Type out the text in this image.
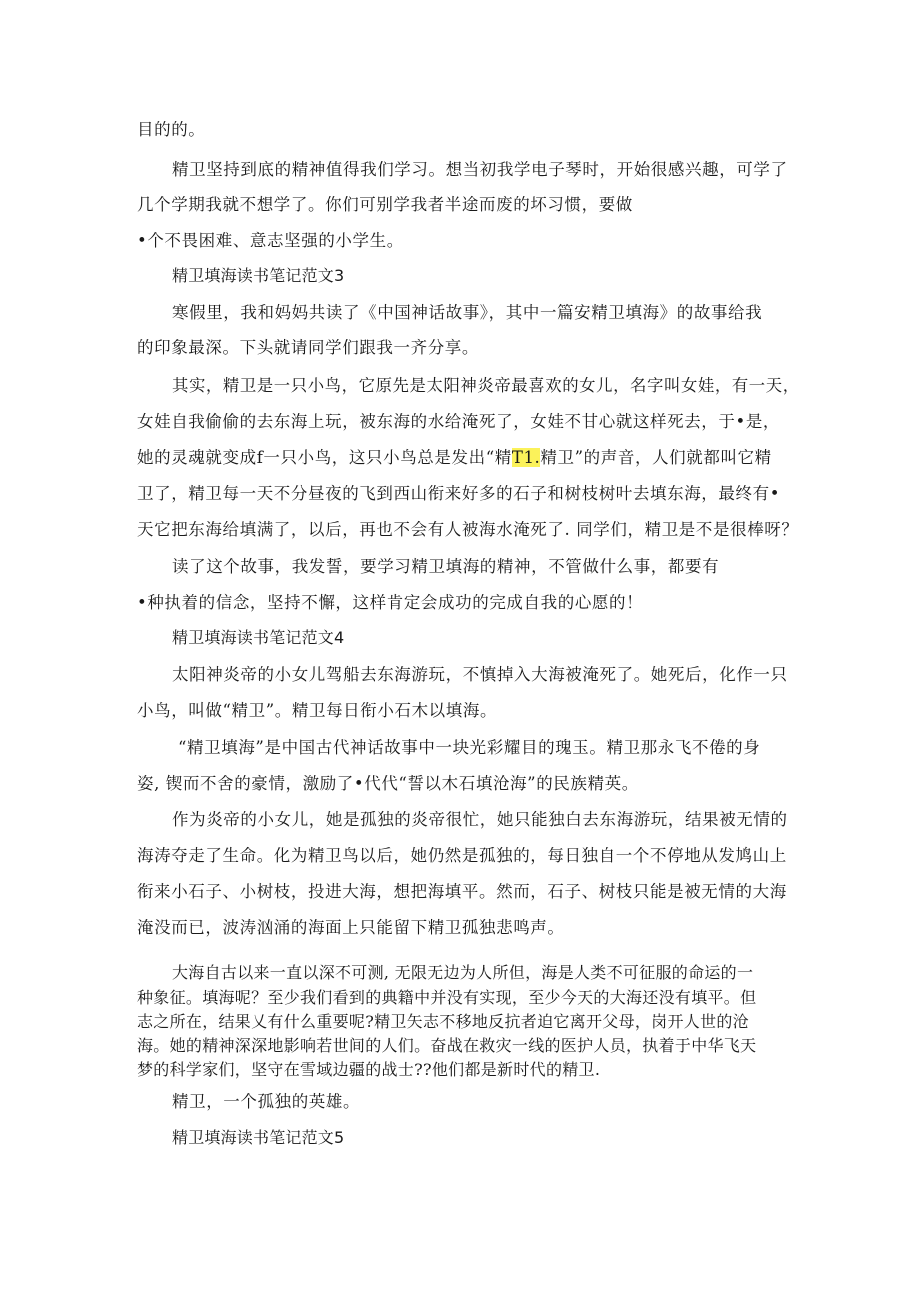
目的的。
精卫坚持到底的精神值得我们学习。想当初我学电子琴时，开始很感兴趣，可学了
几个学期我就不想学了。你们可别学我者半途而废的坏习惯，要做
•个不畏困难、意志坚强的小学生。
精卫填海读书笔记范文3
寒假里，我和妈妈共读了《中国神话故事》，其中一篇安精卫填海》的故事给我
的印象最深。下头就请同学们跟我一齐分享。
其实，精卫是一只小鸟，它原先是太阳神炎帝最喜欢的女儿，名字叫女娃，有一天，
女娃自我偷偷的去东海上玩，被东海的水给淹死了，女娃不甘心就这样死去，于•是，
她的灵魂就变成f一只小鸟，这只小鸟总是发出“精T1.精卫”的声音，人们就都叫它精
卫了，精卫每一天不分昼夜的飞到西山衔来好多的石子和树枝树叶去填东海，最终有•
天它把东海给填满了，以后，再也不会有人被海水淹死了. 同学们，精卫是不是很棒呀？
读了这个故事，我发誓，要学习精卫填海的精神，不管做什么事，都要有
•种执着的信念，坚持不懈，这样肯定会成功的完成自我的心愿的！
精卫填海读书笔记范文4
太阳神炎帝的小女儿驾船去东海游玩，不慎掉入大海被淹死了。她死后，化作一只
小鸟，叫做“精卫”。精卫每日衔小石木以填海。
“精卫填海”是中国古代神话故事中一块光彩耀目的瑰玉。精卫那永飞不倦的身
姿, 锲而不舍的豪情，激励了•代代“誓以木石填沧海”的民族精英。
作为炎帝的小女儿，她是孤独的炎帝很忙，她只能独白去东海游玩，结果被无情的
海涛夺走了生命。化为精卫鸟以后，她仍然是孤独的，每日独自一个不停地从发鸠山上
衔来小石子、小树枝，投进大海，想把海填平。然而，石子、树枝只能是被无情的大海
淹没而已，波涛汹涌的海面上只能留下精卫孤独悲鸣声。
大海自古以来一直以深不可测, 无限无边为人所但，海是人类不可征服的命运的一
种象征。填海呢？至少我们看到的典籍中并没有实现，至少今天的大海还没有填平。但
志之所在，结果乂有什么重要呢?精卫矢志不移地反抗者迫它离开父母，岗开人世的沧
海。她的精神深深地影响若世间的人们。奋战在救灾一线的医护人员，执着于中华飞天
梦的科学家们，坚守在雪域边疆的战士??他们都是新时代的精卫.
精卫，一个孤独的英雄。
精卫填海读书笔记范文5
